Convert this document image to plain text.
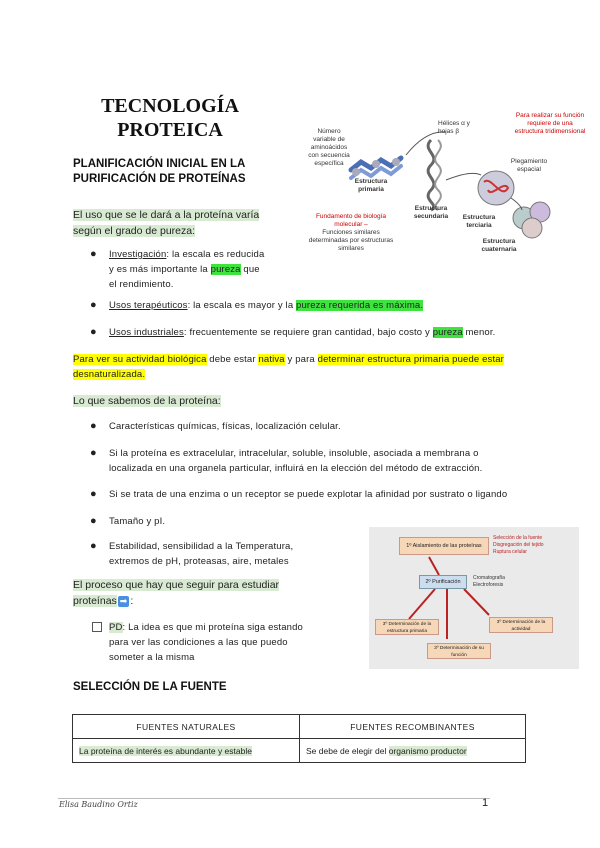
TECNOLOGÍA
PROTEICA
PLANIFICACIÓN INICIAL EN LA
PURIFICACIÓN DE PROTEÍNAS
El uso que se le dará a la proteína varía
según el grado de pureza:
● Investigación: la escala es reducida
y es más importante la pureza que
el rendimiento.
● Usos terapéuticos: la escala es mayor y la pureza requerida es máxima.
● Usos industriales: frecuentemente se requiere gran cantidad, bajo costo y pureza menor.
Para ver su actividad biológica debe estar nativa y para determinar estructura primaria puede estar
desnaturalizada.
Lo que sabemos de la proteína:
● Características químicas, físicas, localización celular.
● Si la proteína es extracelular, intracelular, soluble, insoluble, asociada a membrana o
localizada en una organela particular, influirá en la elección del método de extracción.
● Si se trata de una enzima o un receptor se puede explotar la afinidad por sustrato o ligando
● Tamaño y pI.
● Estabilidad, sensibilidad a la Temperatura,
extremos de pH, proteasas, aire, metales
El proceso que hay que seguir para estudiar
proteínas ➡ :
PD: La idea es que mi proteína siga estando
para ver las condiciones a las que puedo
someter a la misma
SELECCIÓN DE LA FUENTE
FUENTES NATURALES	FUENTES RECOMBINANTES
La proteína de interés es abundante y estable	Se debe de elegir del organismo productor
Elisa Baudino Ortiz	1
Número
variable de
aminoácidos
con secuencia
específica
Hélices α y
hojas β
Para realizar su función
requiere de una
estructura tridimensional
Plegamiento
espacial
Estructura
primaria
Fundamento de biología
molecular –
Funciones similares
determinadas por estructuras
similares
Estructura
secundaria	Estructura
terciaria
Estructura
cuaternaria
1º Aislamiento de las proteínas
Selección de la fuente
Disgregación del tejido
Ruptura celular
2º Purificación
Cromatografía
Electroforesis
3º Determinación de la
estructura primaria
3º Determinación de su
función
3º Determinación de la
actividad
